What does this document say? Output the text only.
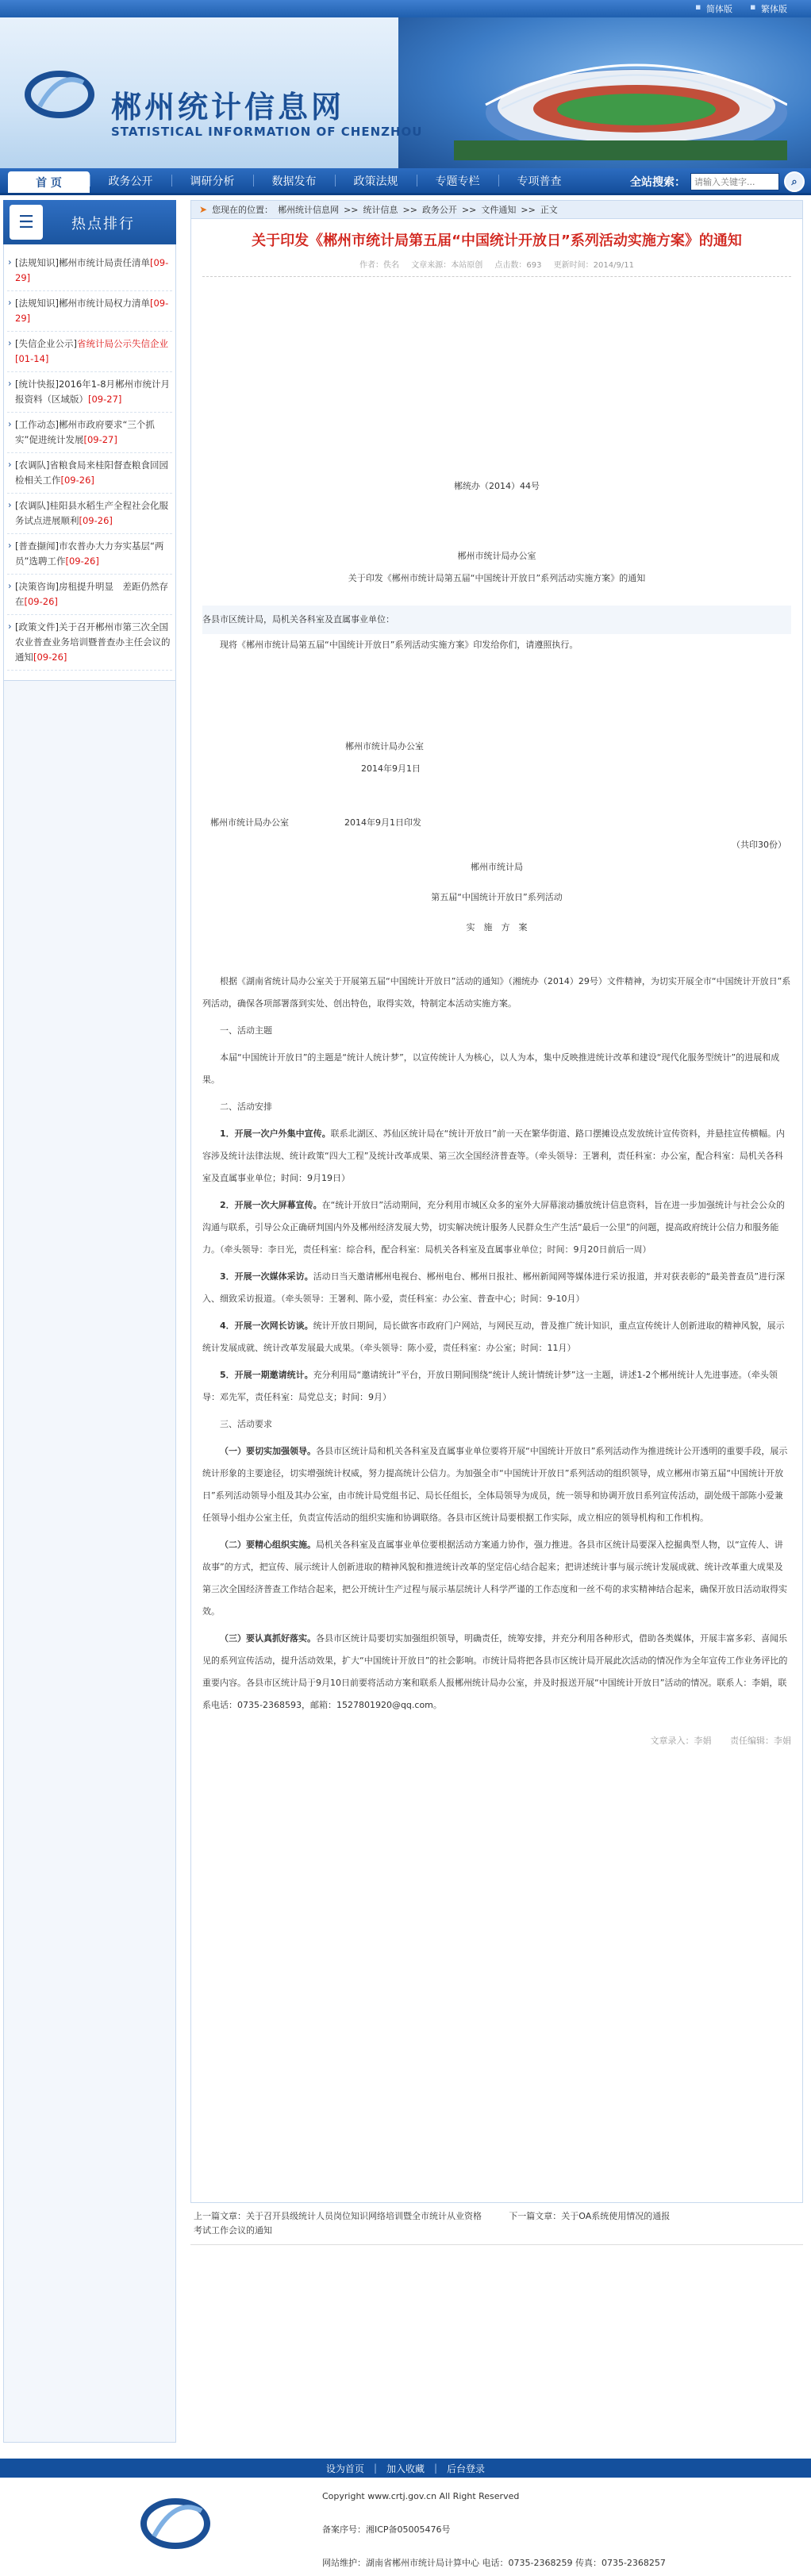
▪ 简体版
▪	繁体版
郴州统计信息网
STATISTICAL INFORMATION OF CHENZHOU
首 页	政务公开	调研分析	数据发布	政策法规	专题专栏	专项普查	全站搜索：
请输入关键字...	⌕
☰	热点排行
› [法规知识]郴州市统计局责任清单[09-29]
› [法规知识]郴州市统计局权力清单[09-29]
› [失信企业公示]省统计局公示失信企业[01-14]
› [统计快报]2016年1-8月郴州市统计月报资料（区域版）[09-27]
› [工作动态]郴州市政府要求“三个抓实”促进统计发展[09-27]
› [农调队]省粮食局来桂阳督查粮食回园检相关工作[09-26]
› [农调队]桂阳县水稻生产全程社会化服务试点进展顺利[09-26]
› [普查撷闻]市农普办大力夯实基层“两员”选聘工作[09-26]
› [决策咨询]房租提升明显　差距仍然存在[09-26]
› [政策文件]关于召开郴州市第三次全国农业普查业务培训暨普查办主任会议的通知[09-26]
➤ 您现在的位置： 郴州统计信息网 >> 统计信息 >> 政务公开 >> 文件通知 >> 正文
关于印发《郴州市统计局第五届“中国统计开放日”系列活动实施方案》的通知
作者：佚名 文章来源：本站原创 点击数：693 更新时间：2014/9/11
郴统办（2014）44号
郴州市统计局办公室
关于印发《郴州市统计局第五届“中国统计开放日”系列活动实施方案》的通知
各县市区统计局，局机关各科室及直属事业单位：
现将《郴州市统计局第五届“中国统计开放日”系列活动实施方案》印发给你们，请遵照执行。
郴州市统计局办公室
2014年9月1日
郴州市统计局办公室	2014年9月1日印发
（共印30份）
郴州市统计局
第五届“中国统计开放日”系列活动
实　施　方　案
根据《湖南省统计局办公室关于开展第五届“中国统计开放日”活动的通知》（湘统办（2014）29号）文件精神，为切实开展全市“中国统计开放日”系列活动，确保各项部署落到实处、创出特色，取得实效，特制定本活动实施方案。
一、活动主题
本届“中国统计开放日”的主题是“统计人统计梦”，以宣传统计人为核心，以人为本，集中反映推进统计改革和建设“现代化服务型统计”的进展和成果。
二、活动安排
1．开展一次户外集中宣传。联系北湖区、苏仙区统计局在“统计开放日”前一天在繁华街道、路口摆摊设点发放统计宣传资料，并悬挂宣传横幅。内容涉及统计法律法规、统计政策“四大工程”及统计改革成果、第三次全国经济普查等。（牵头领导：王署利，责任科室：办公室，配合科室：局机关各科室及直属事业单位；时间：9月19日）
2．开展一次大屏幕宣传。在“统计开放日”活动期间，充分利用市城区众多的室外大屏幕滚动播放统计信息资料，旨在进一步加强统计与社会公众的沟通与联系，引导公众正确研判国内外及郴州经济发展大势，切实解决统计服务人民群众生产生活“最后一公里”的问题，提高政府统计公信力和服务能力。（牵头领导：李日光，责任科室：综合科，配合科室：局机关各科室及直属事业单位；时间：9月20日前后一周）
3．开展一次媒体采访。活动日当天邀请郴州电视台、郴州电台、郴州日报社、郴州新闻网等媒体进行采访报道，并对获表彰的“最美普查员”进行深入、细致采访报道。（牵头领导：王署利、陈小爱，责任科室：办公室、普查中心；时间：9-10月）
4．开展一次网长访谈。统计开放日期间，局长做客市政府门户网站，与网民互动，普及推广统计知识，重点宣传统计人创新进取的精神风貌，展示统计发展成就、统计改革发展最大成果。（牵头领导：陈小爱，责任科室：办公室；时间：11月）
5．开展一期邀请统计。充分利用局“邀请统计”平台，开放日期间围绕“统计人统计情统计梦”这一主题，讲述1-2个郴州统计人先进事迹。（牵头领导：邓先军，责任科室：局党总支；时间：9月）
三、活动要求
（一）要切实加强领导。各县市区统计局和机关各科室及直属事业单位要将开展“中国统计开放日”系列活动作为推进统计公开透明的重要手段，展示统计形象的主要途径，切实增强统计权威，努力提高统计公信力。为加强全市“中国统计开放日”系列活动的组织领导，成立郴州市第五届“中国统计开放日”系列活动领导小组及其办公室，由市统计局党组书记、局长任组长，全体局领导为成员，统一领导和协调开放日系列宣传活动，副处级干部陈小爱兼任领导小组办公室主任，负责宣传活动的组织实施和协调联络。各县市区统计局要根据工作实际，成立相应的领导机构和工作机构。
（二）要精心组织实施。局机关各科室及直属事业单位要根据活动方案通力协作，强力推进。各县市区统计局要深入挖掘典型人物，以“宣传人、讲故事”的方式，把宣传、展示统计人创新进取的精神风貌和推进统计改革的坚定信心结合起来；把讲述统计事与展示统计发展成就、统计改革重大成果及第三次全国经济普查工作结合起来，把公开统计生产过程与展示基层统计人科学严谨的工作态度和一丝不苟的求实精神结合起来，确保开放日活动取得实效。
（三）要认真抓好落实。各县市区统计局要切实加强组织领导，明确责任，统筹安排，并充分利用各种形式，借助各类媒体，开展丰富多彩、喜闻乐见的系列宣传活动，提升活动效果，扩大“中国统计开放日”的社会影响。市统计局将把各县市区统计局开展此次活动的情况作为全年宣传工作业务评比的重要内容。各县市区统计局于9月10日前要将活动方案和联系人报郴州统计局办公室，并及时报送开展“中国统计开放日”活动的情况。联系人：李娟，联系电话：0735-2368593，邮箱：1527801920@qq.com。
文章录入：李娟 责任编辑：李娟
上一篇文章：关于召开县级统计人员岗位知识网络培训暨全市统计从业资格考试工作会议的通知
下一篇文章：关于OA系统使用情况的通报
设为首页 | 加入收藏 | 后台登录
Copyright www.crtj.gov.cn All Right Reserved
备案序号：湘ICP备05005476号
网站维护：湖南省郴州市统计局计算中心 电话：0735-2368259 传真：0735-2368257
